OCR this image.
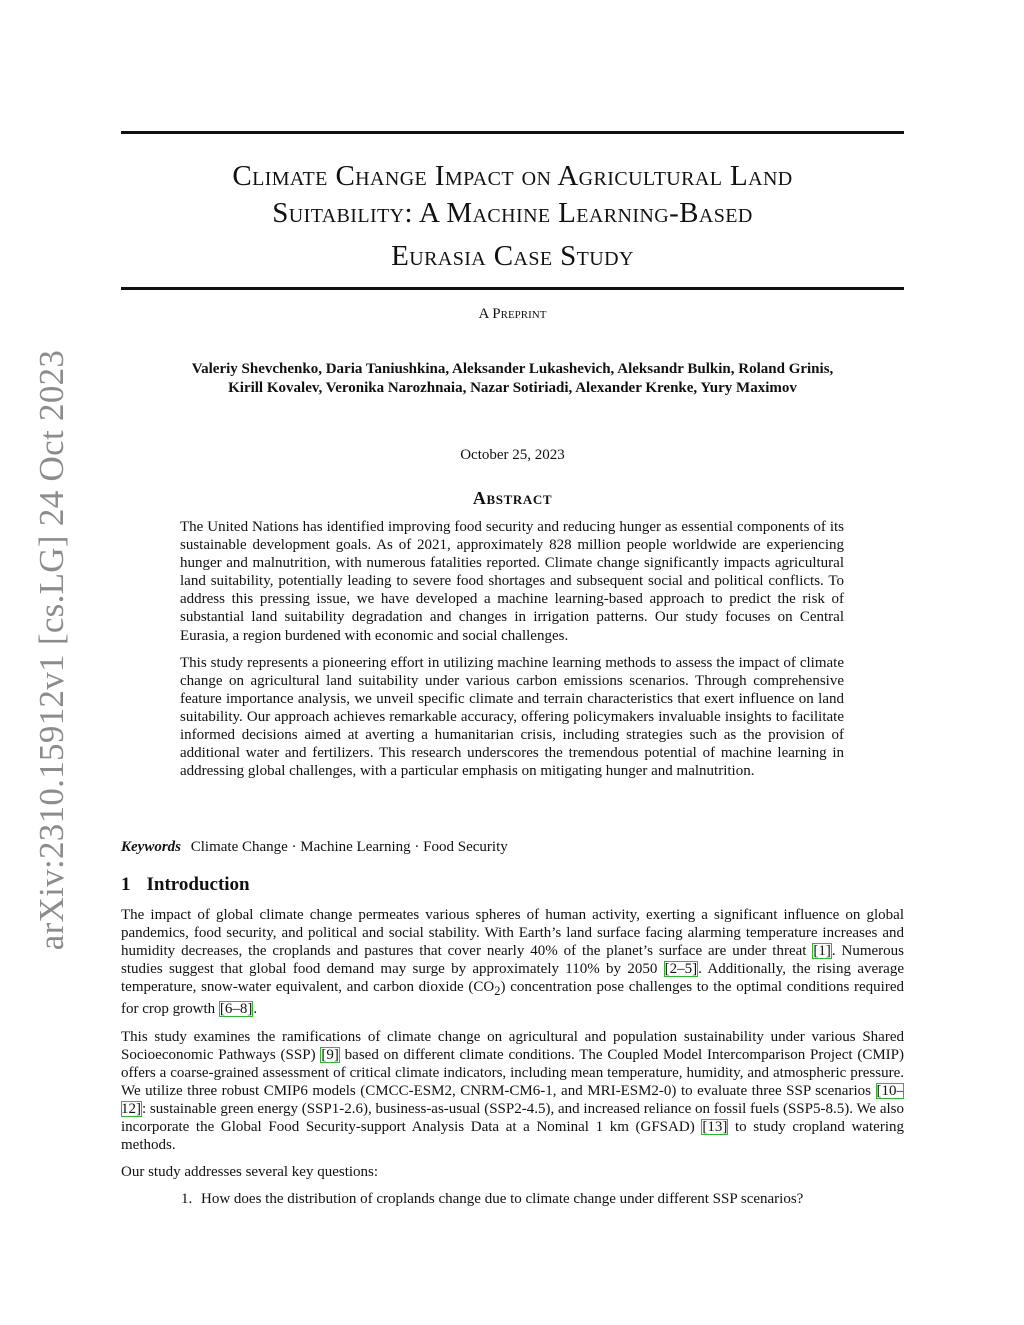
arXiv:2310.15912v1 [cs.LG] 24 Oct 2023
Climate Change Impact on Agricultural Land
Suitability: A Machine Learning-Based
Eurasia Case Study
A Preprint
Valeriy Shevchenko, Daria Taniushkina, Aleksander Lukashevich, Aleksandr Bulkin, Roland Grinis,
Kirill Kovalev, Veronika Narozhnaia, Nazar Sotiriadi, Alexander Krenke, Yury Maximov
October 25, 2023
Abstract

The United Nations has identified improving food security and reducing hunger as essential components of its sustainable development goals. As of 2021, approximately 828 million people worldwide are experiencing hunger and malnutrition, with numerous fatalities reported. Climate change significantly impacts agricultural land suitability, potentially leading to severe food shortages and subsequent social and political conflicts. To address this pressing issue, we have developed a machine learning-based approach to predict the risk of substantial land suitability degradation and changes in irrigation patterns. Our study focuses on Central Eurasia, a region burdened with economic and social challenges.

This study represents a pioneering effort in utilizing machine learning methods to assess the impact of climate change on agricultural land suitability under various carbon emissions scenarios. Through comprehensive feature importance analysis, we unveil specific climate and terrain characteristics that exert influence on land suitability. Our approach achieves remarkable accuracy, offering policymakers invaluable insights to facilitate informed decisions aimed at averting a humanitarian crisis, including strategies such as the provision of additional water and fertilizers. This research underscores the tremendous potential of machine learning in addressing global challenges, with a particular emphasis on mitigating hunger and malnutrition.

Keywords Climate Change · Machine Learning · Food Security
1 Introduction

The impact of global climate change permeates various spheres of human activity, exerting a significant influence on global pandemics, food security, and political and social stability. With Earth’s land surface facing alarming temperature increases and humidity decreases, the croplands and pastures that cover nearly 40% of the planet’s surface are under threat [1]. Numerous studies suggest that global food demand may surge by approximately 110% by 2050 [2–5]. Additionally, the rising average temperature, snow-water equivalent, and carbon dioxide $(CO_2)$ concentration pose challenges to the optimal conditions required for crop growth [6–8].

This study examines the ramifications of climate change on agricultural and population sustainability under various Shared Socioeconomic Pathways (SSP) [9] based on different climate conditions. The Coupled Model Intercomparison Project (CMIP) offers a coarse-grained assessment of critical climate indicators, including mean temperature, humidity, and atmospheric pressure. We utilize three robust CMIP6 models (CMCC-ESM2, CNRM-CM6-1, and MRI-ESM2-0) to evaluate three SSP scenarios [10–12]: sustainable green energy (SSP1-2.6), business-as-usual (SSP2-4.5), and increased reliance on fossil fuels (SSP5-8.5). We also incorporate the Global Food Security-support Analysis Data at a Nominal 1 km (GFSAD) [13] to study cropland watering methods.

Our study addresses several key questions:

1. How does the distribution of croplands change due to climate change under different SSP scenarios?
